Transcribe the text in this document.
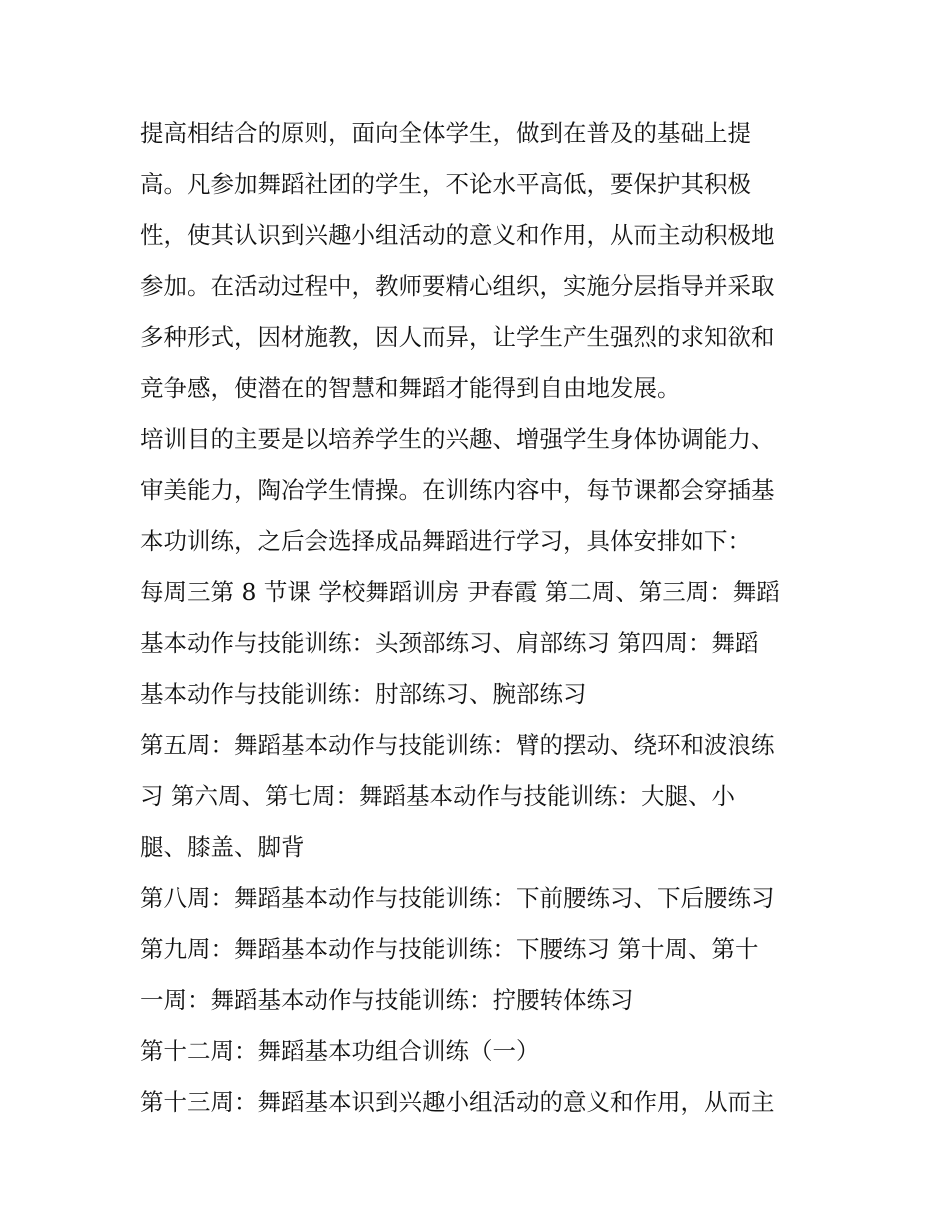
提高相结合的原则，面向全体学生，做到在普及的基础上提
高。凡参加舞蹈社团的学生，不论水平高低，要保护其积极
性，使其认识到兴趣小组活动的意义和作用，从而主动积极地
参加。在活动过程中，教师要精心组织，实施分层指导并采取
多种形式，因材施教，因人而异，让学生产生强烈的求知欲和
竞争感，使潜在的智慧和舞蹈才能得到自由地发展。
培训目的主要是以培养学生的兴趣、增强学生身体协调能力、
审美能力，陶冶学生情操。在训练内容中，每节课都会穿插基
本功训练，之后会选择成品舞蹈进行学习，具体安排如下：
每周三第 8 节课 学校舞蹈训房 尹春霞 第二周、第三周：舞蹈
基本动作与技能训练：头颈部练习、肩部练习 第四周：舞蹈
基本动作与技能训练：肘部练习、腕部练习
第五周：舞蹈基本动作与技能训练：臂的摆动、绕环和波浪练
习 第六周、第七周：舞蹈基本动作与技能训练：大腿、小
腿、膝盖、脚背
第八周：舞蹈基本动作与技能训练：下前腰练习、下后腰练习
第九周：舞蹈基本动作与技能训练：下腰练习 第十周、第十
一周：舞蹈基本动作与技能训练：拧腰转体练习
第十二周：舞蹈基本功组合训练（一）
第十三周：舞蹈基本识到兴趣小组活动的意义和作用，从而主
